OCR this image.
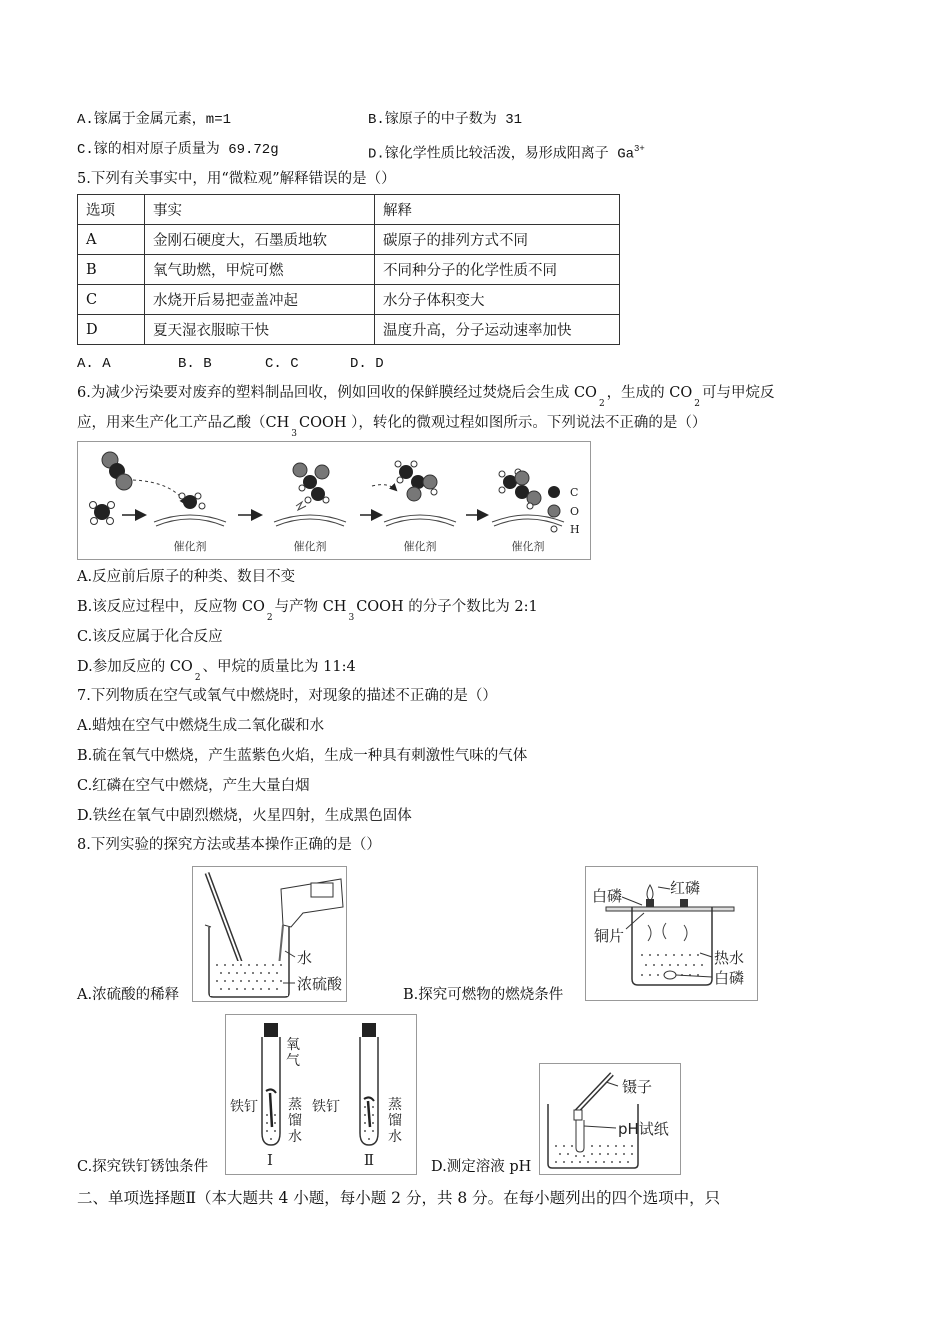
A.镓属于金属元素，m=1	B.镓原子的中子数为 31
C.镓的相对原子质量为 69.72g	D.镓化学性质比较活泼，易形成阳离子 $Ga^{3+}$
5.下列有关事实中，用“微粒观”解释错误的是（）
选项	事实	解释
A	金刚石硬度大，石墨质地软	碳原子的排列方式不同
B	氧气助燃，甲烷可燃	不同种分子的化学性质不同
C	水烧开后易把壶盖冲起	水分子体积变大
D	夏天湿衣服晾干快	温度升高，分子运动速率加快
A. A	B. B	C. C	D. D
6.为减少污染要对废弃的塑料制品回收，例如回收的保鲜膜经过焚烧后会生成 $CO_2$，生成的 $CO_2$可与甲烷反
应，用来生产化工产品乙酸（$CH_3COOH$ ），转化的微观过程如图所示。下列说法不正确的是（）
催化剂	催化剂	催化剂	催化剂
C
O
H
A.反应前后原子的种类、数目不变
B.该反应过程中，反应物 $CO_2$与产物 $CH_3COOH$ 的分子个数比为 2:1
C.该反应属于化合反应
D.参加反应的 $CO_2$、甲烷的质量比为 11:4
7.下列物质在空气或氧气中燃烧时，对现象的描述不正确的是（）
A.蜡烛在空气中燃烧生成二氧化碳和水
B.硫在氧气中燃烧，产生蓝紫色火焰，生成一种具有刺激性气味的气体
C.红磷在空气中燃烧，产生大量白烟
D.铁丝在氧气中剧烈燃烧，火星四射，生成黑色固体
8.下列实验的探究方法或基本操作正确的是（）
水
浓硫酸
A.浓硫酸的稀释
红磷
白磷
铜片
热水
白磷
B.探究可燃物的燃烧条件
氧
气
铁钉 蒸
馏
水
铁钉	蒸
馏
水
Ⅰ	Ⅱ
C.探究铁钉锈蚀条件
镊子
pH试纸
D.测定溶液 pH
二、单项选择题Ⅱ（本大题共 4 小题，每小题 2 分，共 8 分。在每小题列出的四个选项中，只
